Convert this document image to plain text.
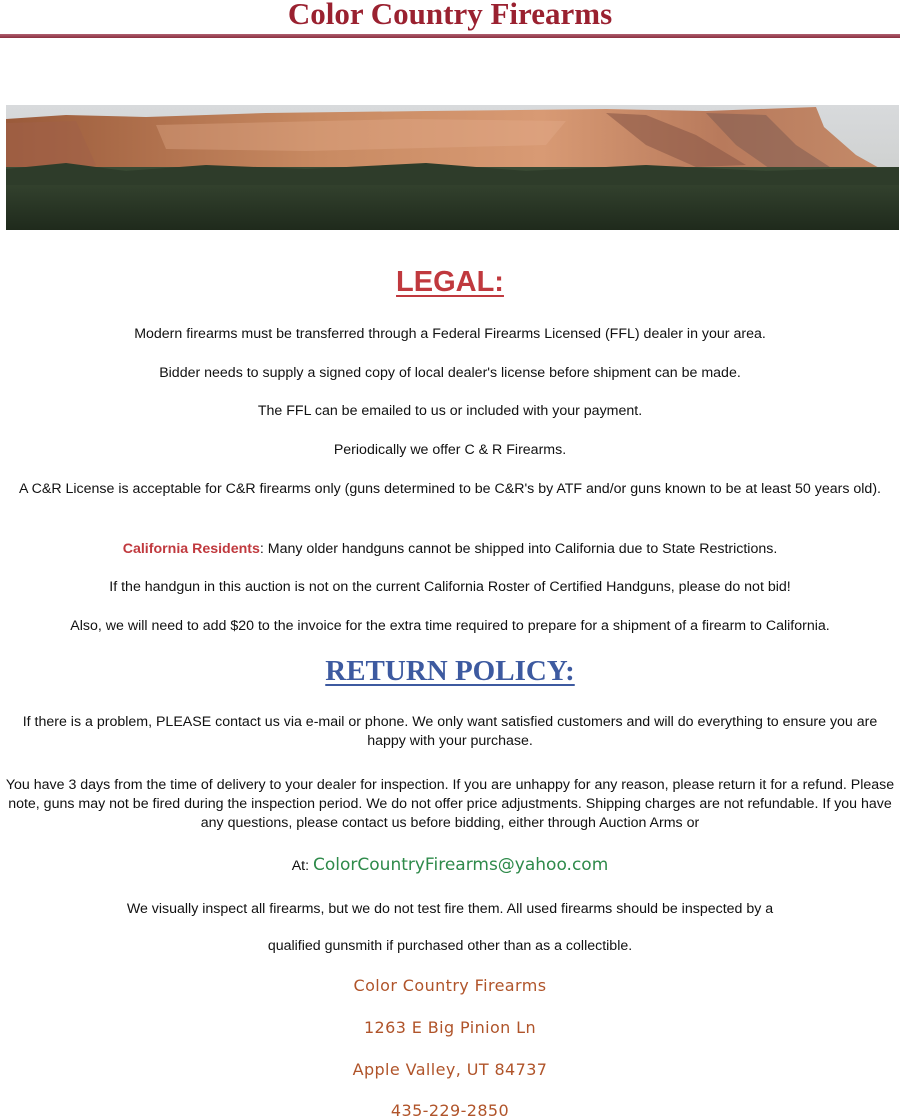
Color Country Firearms
LEGAL:
Modern firearms must be transferred through a Federal Firearms Licensed (FFL) dealer in your area.
Bidder needs to supply a signed copy of local dealer's license before shipment can be made.
The FFL can be emailed to us or included with your payment.
Periodically we offer C & R Firearms.
A C&R License is acceptable for C&R firearms only (guns determined to be C&R's by ATF and/or guns known to be at least 50 years old).
California Residents: Many older handguns cannot be shipped into California due to State Restrictions.
If the handgun in this auction is not on the current California Roster of Certified Handguns, please do not bid!
Also, we will need to add $20 to the invoice for the extra time required to prepare for a shipment of a firearm to California.
RETURN POLICY:
If there is a problem, PLEASE contact us via e-mail or phone. We only want satisfied customers and will do everything to ensure you are happy with your purchase.
You have 3 days from the time of delivery to your dealer for inspection. If you are unhappy for any reason, please return it for a refund. Please note, guns may not be fired during the inspection period. We do not offer price adjustments. Shipping charges are not refundable. If you have any questions, please contact us before bidding, either through Auction Arms or
At: ColorCountryFirearms@yahoo.com
We visually inspect all firearms, but we do not test fire them. All used firearms should be inspected by a
qualified gunsmith if purchased other than as a collectible.
Color Country Firearms
1263 E Big Pinion Ln
Apple Valley, UT 84737
435-229-2850
